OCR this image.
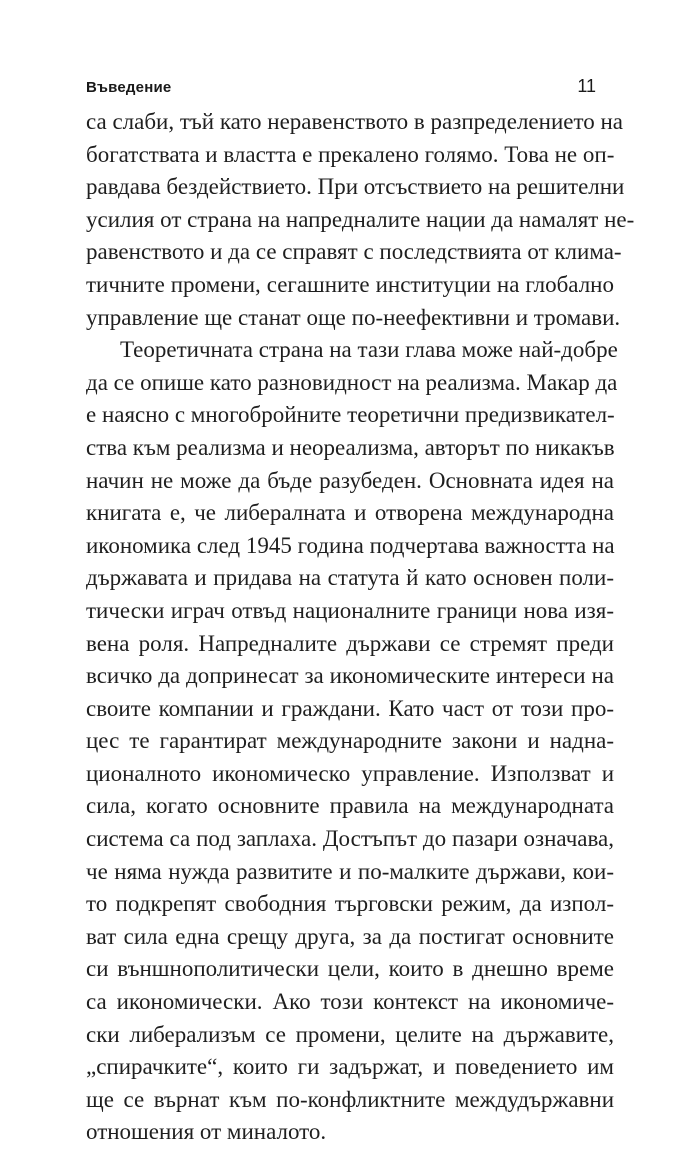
Въведение	11
са слаби, тъй като неравенството в разпределението на
богатствата и властта е прекалено голямо. Това не оп-
равдава бездействието. При отсъствието на решителни
усилия от страна на напредналите нации да намалят не-
равенството и да се справят с последствията от клима-
тичните промени, сегашните институции на глобално
управление ще станат още по-неефективни и тромави.
Теоретичната страна на тази глава може най-добре
да се опише като разновидност на реализма. Макар да
е наясно с многобройните теоретични предизвикател-
ства към реализма и неореализма, авторът по никакъв
начин не може да бъде разубеден. Основната идея на
книгата е, че либералната и отворена международна
икономика след 1945 година подчертава важността на
държавата и придава на статута й като основен поли-
тически играч отвъд националните граници нова изя-
вена роля. Напредналите държави се стремят преди
всичко да допринесат за икономическите интереси на
своите компании и граждани. Като част от този про-
цес те гарантират международните закони и надна-
ционалното икономическо управление. Използват и
сила, когато основните правила на международната
система са под заплаха. Достъпът до пазари означава,
че няма нужда развитите и по-малките държави, кои-
то подкрепят свободния търговски режим, да изпол-
ват сила една срещу друга, за да постигат основните
си външнополитически цели, които в днешно време
са икономически. Ако този контекст на икономиче-
ски либерализъм се промени, целите на държавите,
„спирачките“, които ги задържат, и поведението им
ще се върнат към по-конфликтните междудържавни
отношения от миналото.
